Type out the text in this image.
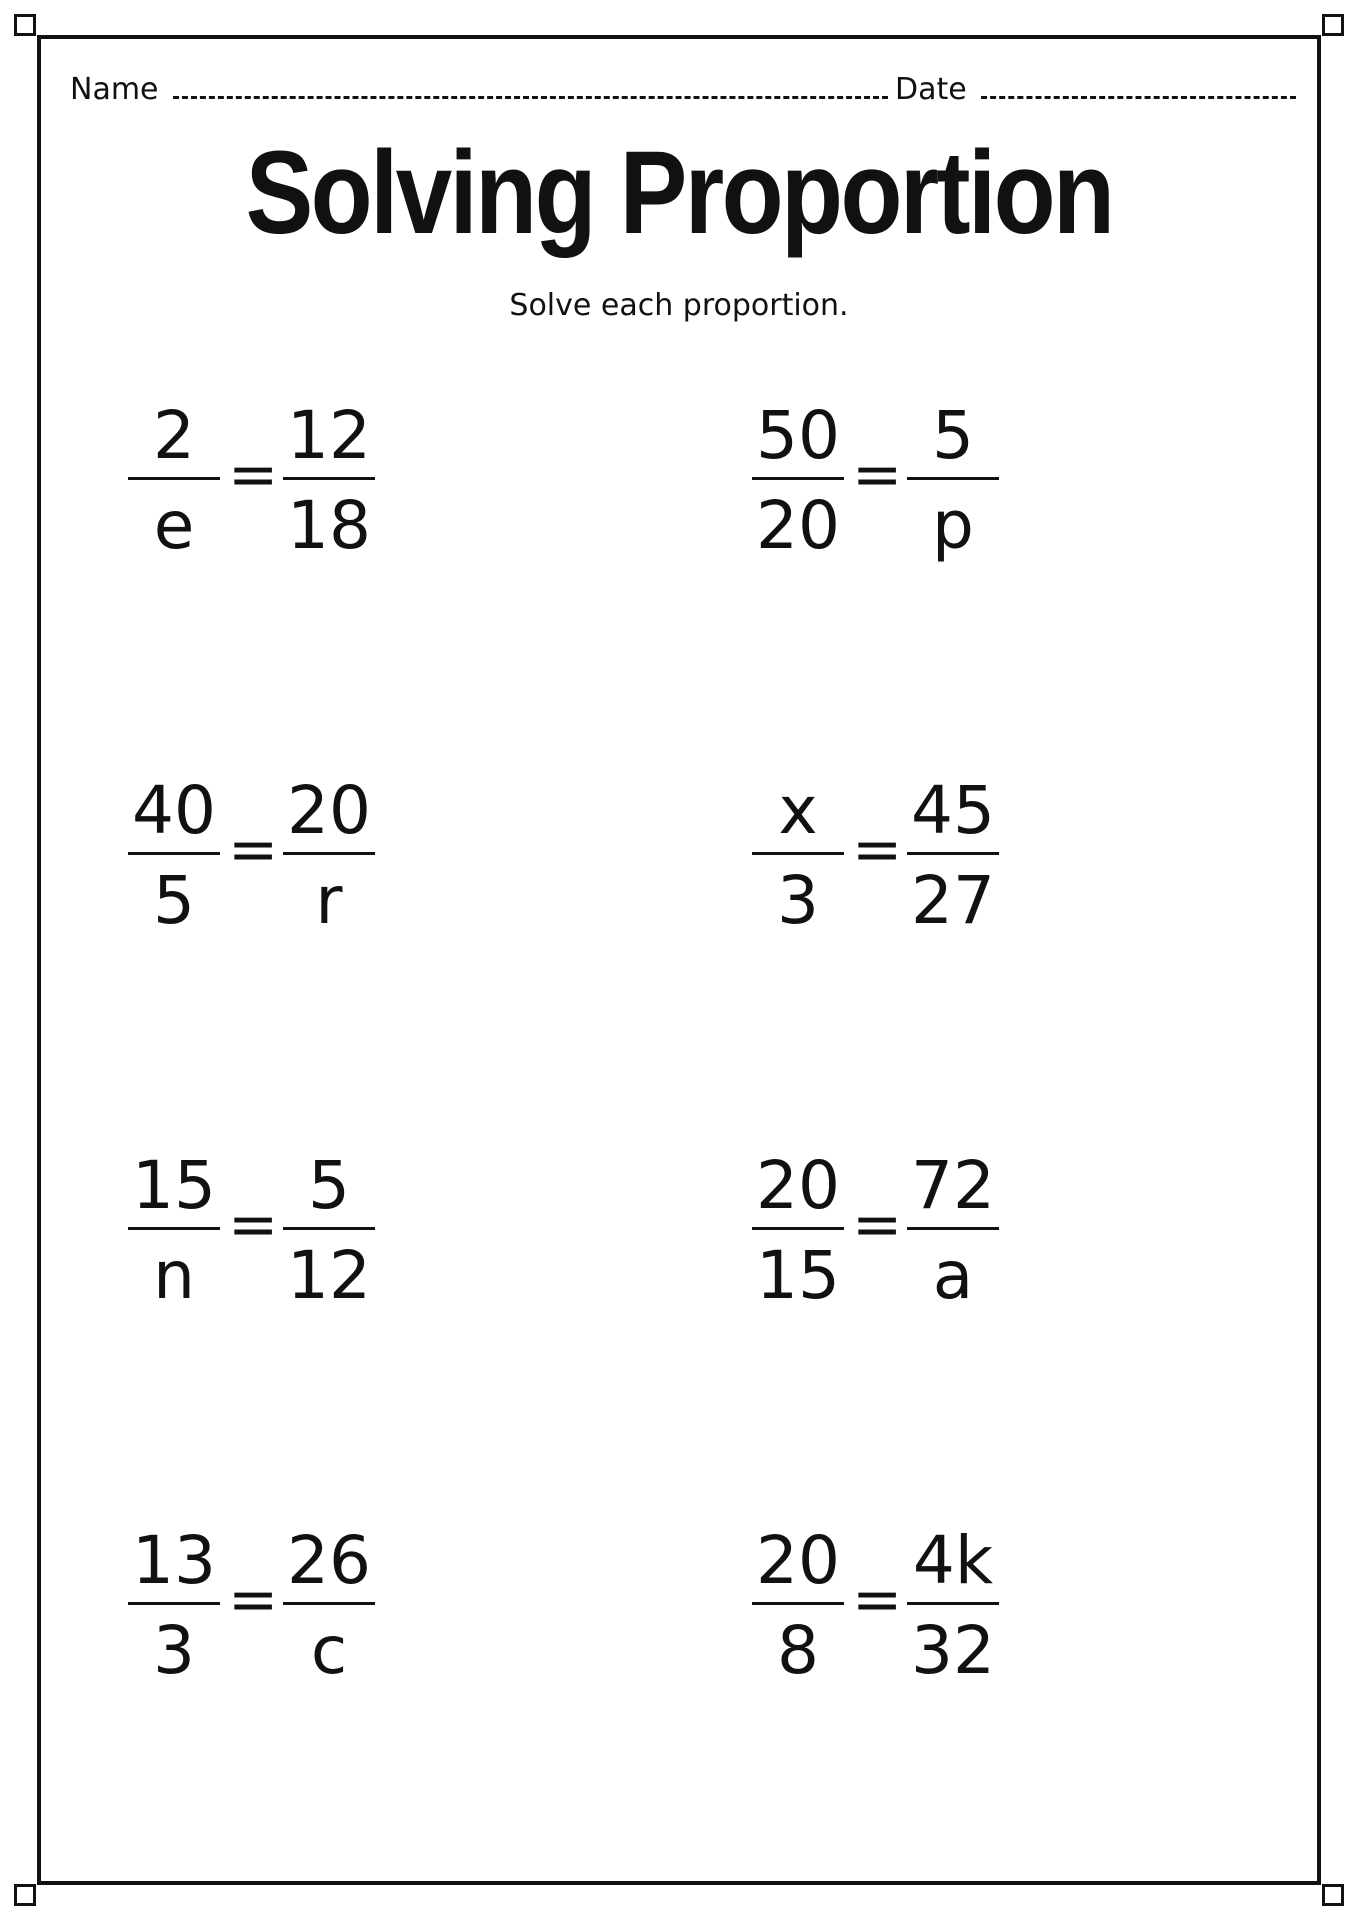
Name	Date
Solving Proportion
Solve each proportion.
2
e
=
12
18
50
20
=
5
p
40
5
=
20
r
x
3
=
45
27
15
n
=
5
12
20
15
=
72
a
13
3
=
26
c
20
8
=
4k
32
